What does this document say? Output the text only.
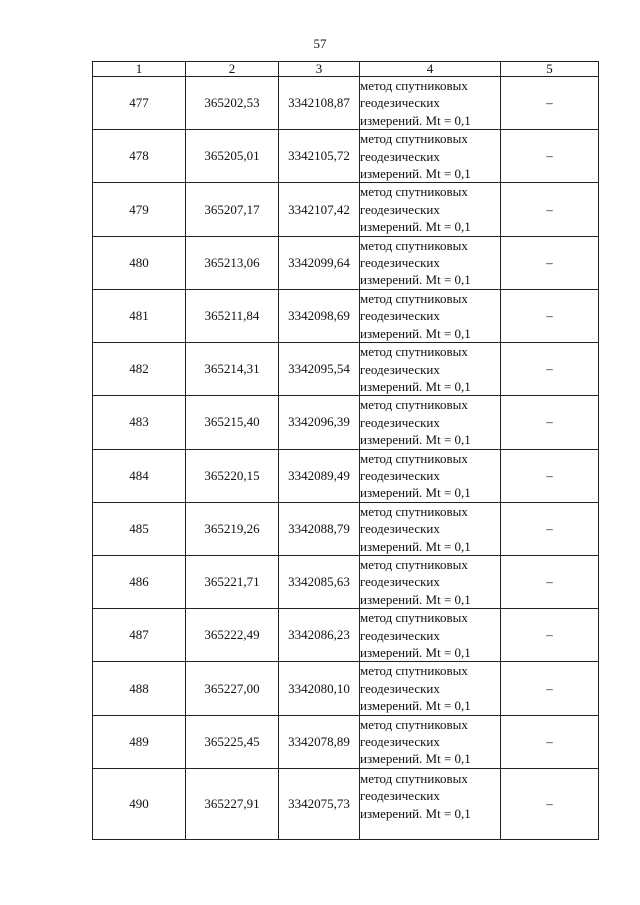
57
1	2	3	4	5
477	365202,53	3342108,87	метод спутниковых
геодезических
измерений. Mt = 0,1	–
478	365205,01	3342105,72	метод спутниковых
геодезических
измерений. Mt = 0,1	–
479	365207,17	3342107,42	метод спутниковых
геодезических
измерений. Mt = 0,1	–
480	365213,06	3342099,64	метод спутниковых
геодезических
измерений. Mt = 0,1	–
481	365211,84	3342098,69	метод спутниковых
геодезических
измерений. Mt = 0,1	–
482	365214,31	3342095,54	метод спутниковых
геодезических
измерений. Mt = 0,1	–
483	365215,40	3342096,39	метод спутниковых
геодезических
измерений. Mt = 0,1	–
484	365220,15	3342089,49	метод спутниковых
геодезических
измерений. Mt = 0,1	–
485	365219,26	3342088,79	метод спутниковых
геодезических
измерений. Mt = 0,1	–
486	365221,71	3342085,63	метод спутниковых
геодезических
измерений. Mt = 0,1	–
487	365222,49	3342086,23	метод спутниковых
геодезических
измерений. Mt = 0,1	–
488	365227,00	3342080,10	метод спутниковых
геодезических
измерений. Mt = 0,1	–
489	365225,45	3342078,89	метод спутниковых
геодезических
измерений. Mt = 0,1	–
490	365227,91	3342075,73	метод спутниковых
геодезических
измерений. Mt = 0,1	–
